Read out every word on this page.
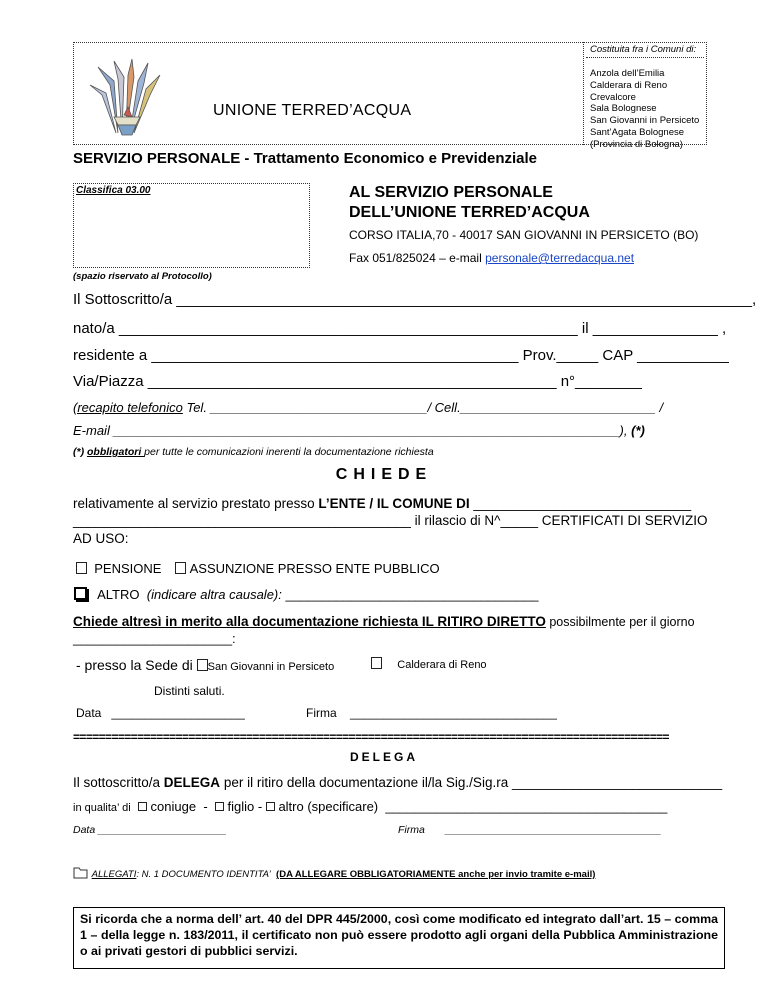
UNIONE TERRED’ACQUA
Costituita fra i Comuni di:
Anzola dell’Emilia
Calderara di Reno
Crevalcore
Sala Bolognese
San Giovanni in Persiceto
Sant’Agata Bolognese
(Provincia di Bologna)
SERVIZIO PERSONALE - Trattamento Economico e Previdenziale
Classifica 03.00
(spazio riservato al Protocollo)
AL SERVIZIO PERSONALE
DELL’UNIONE TERRED’ACQUA
CORSO ITALIA,70 - 40017 SAN GIOVANNI IN PERSICETO (BO)
Fax 051/825024 – e-mail personale@terredacqua.net
Il Sottoscritto/a _____________________________________________________________________,
nato/a _______________________________________________________ il _______________ ,
residente a ____________________________________________ Prov._____ CAP ___________
Via/Piazza _________________________________________________ n°________
(recapito telefonico Tel. ______________________________/ Cell.___________________________ /
E-mail ______________________________________________________________________), (*)
(*) obbligatori per tutte le comunicazioni inerenti la documentazione richiesta
CHIEDE
relativamente al servizio prestato presso L’ENTE / IL COMUNE DI _____________________________
_____________________________________________ il rilascio di N^_____ CERTIFICATI DI SERVIZIO
AD USO:
PENSIONE	ASSUNZIONE PRESSO ENTE PUBBLICO
ALTRO (indicare altra causale): ___________________________________
Chiede altresì in merito alla documentazione richiesta IL RITIRO DIRETTO possibilmente per il giorno
______________________:
- presso la Sede di San Giovanni in Persiceto	Calderara di Reno
Distinti saluti.
Data ____________________	Firma _______________________________
=============================================================================================
DELEGA
Il sottoscritto/a DELEGA per il ritiro della documentazione il/la Sig./Sig.ra ____________________________
in qualita’ di coniuge  -   figlio -  altro (specificare) _______________________________________
Data ______________________	Firma _____________________________________
ALLEGATI: N. 1 DOCUMENTO IDENTITA’ (DA ALLEGARE OBBLIGATORIAMENTE anche per invio tramite e-mail)
Si ricorda che a norma dell’ art. 40 del DPR 445/2000, così come modificato ed integrato dall’art. 15 – comma 1 – della legge n. 183/2011, il certificato non può essere prodotto agli organi della Pubblica Amministrazione o ai privati gestori di pubblici servizi.
